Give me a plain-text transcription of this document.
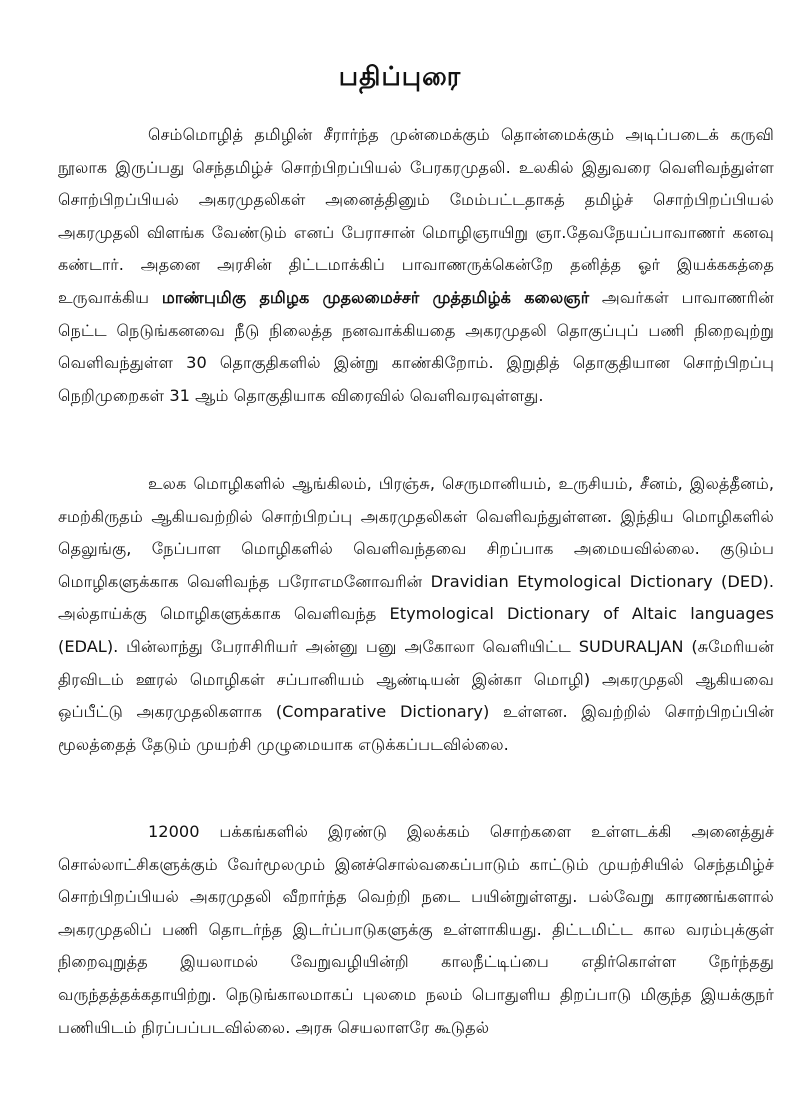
பதிப்புரை

செம்மொழித் தமிழின் சீரார்ந்த முன்மைக்கும் தொன்மைக்கும் அடிப்படைக் கருவி நூலாக இருப்பது செந்தமிழ்ச் சொற்பிறப்பியல் பேரகரமுதலி. உலகில் இதுவரை வெளிவந்துள்ள சொற்பிறப்பியல் அகரமுதலிகள் அனைத்தினும் மேம்பட்டதாகத் தமிழ்ச் சொற்பிறப்பியல் அகரமுதலி விளங்க வேண்டும் எனப் பேராசான் மொழிஞாயிறு ஞா.தேவநேயப்பாவாணர் கனவு கண்டார். அதனை அரசின் திட்டமாக்கிப் பாவாணருக்கென்றே தனித்த ஓர் இயக்ககத்தை உருவாக்கிய மாண்புமிகு தமிழக முதலமைச்சர் முத்தமிழ்க் கலைஞர் அவர்கள் பாவாணரின் நெட்ட நெடுங்கனவை நீடு நிலைத்த நனவாக்கியதை அகரமுதலி தொகுப்புப் பணி நிறைவுற்று வெளிவந்துள்ள 30 தொகுதிகளில் இன்று காண்கிறோம். இறுதித் தொகுதியான சொற்பிறப்பு நெறிமுறைகள் 31 ஆம் தொகுதியாக விரைவில் வெளிவரவுள்ளது.

உலக மொழிகளில் ஆங்கிலம், பிரஞ்சு, செருமானியம், உருசியம், சீனம், இலத்தீனம், சமற்கிருதம் ஆகியவற்றில் சொற்பிறப்பு அகரமுதலிகள் வெளிவந்துள்ளன. இந்திய மொழிகளில் தெலுங்கு, நேப்பாள மொழிகளில் வெளிவந்தவை சிறப்பாக அமையவில்லை. குடும்ப மொழிகளுக்காக வெளிவந்த பரோஎமனோவரின் Dravidian Etymological Dictionary (DED). அல்தாய்க்கு மொழிகளுக்காக வெளிவந்த Etymological Dictionary of Altaic languages (EDAL). பின்லாந்து பேராசிரியர் அன்னு பனு அகோலா வெளியிட்ட SUDURALJAN (சுமேரியன் திரவிடம் ஊரல் மொழிகள் சப்பானியம் ஆண்டியன் இன்கா மொழி) அகரமுதலி ஆகியவை ஒப்பீட்டு அகரமுதலிகளாக (Comparative Dictionary) உள்ளன. இவற்றில் சொற்பிறப்பின் மூலத்தைத் தேடும் முயற்சி முழுமையாக எடுக்கப்படவில்லை.

12000 பக்கங்களில் இரண்டு இலக்கம் சொற்களை உள்ளடக்கி அனைத்துச் சொல்லாட்சிகளுக்கும் வேர்மூலமும் இனச்சொல்வகைப்பாடும் காட்டும் முயற்சியில் செந்தமிழ்ச் சொற்பிறப்பியல் அகரமுதலி வீறார்ந்த வெற்றி நடை பயின்றுள்ளது. பல்வேறு காரணங்களால் அகரமுதலிப் பணி தொடர்ந்த இடர்ப்பாடுகளுக்கு உள்ளாகியது. திட்டமிட்ட கால வரம்புக்குள் நிறைவுறுத்த இயலாமல் வேறுவழியின்றி காலநீட்டிப்பை எதிர்கொள்ள நேர்ந்தது வருந்தத்தக்கதாயிற்று. நெடுங்காலமாகப் புலமை நலம் பொதுளிய திறப்பாடு மிகுந்த இயக்குநர் பணியிடம் நிரப்பப்படவில்லை. அரசு செயலாளரே கூடுதல்
